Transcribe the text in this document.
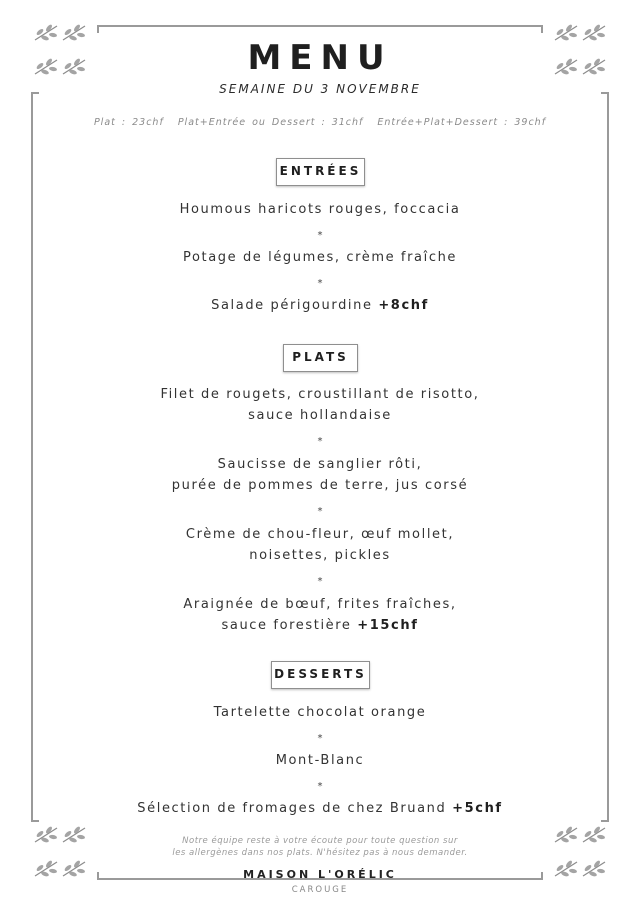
MENU
SEMAINE DU 3 NOVEMBRE
Plat : 23chf Plat+Entrée ou Dessert : 31chf Entrée+Plat+Dessert : 39chf
ENTRÉES
Houmous haricots rouges, foccacia
*
Potage de légumes, crème fraîche
*
Salade périgourdine +8chf
PLATS
Filet de rougets, croustillant de risotto,
sauce hollandaise
*
Saucisse de sanglier rôti,
purée de pommes de terre, jus corsé
*
Crème de chou-fleur, œuf mollet,
noisettes, pickles
*
Araignée de bœuf, frites fraîches,
sauce forestière +15chf
DESSERTS
Tartelette chocolat orange
*
Mont-Blanc
*
Sélection de fromages de chez Bruand +5chf
Notre équipe reste à votre écoute pour toute question sur
les allergènes dans nos plats. N'hésitez pas à nous demander.
MAISON L'ORÉLIC
CAROUGE
